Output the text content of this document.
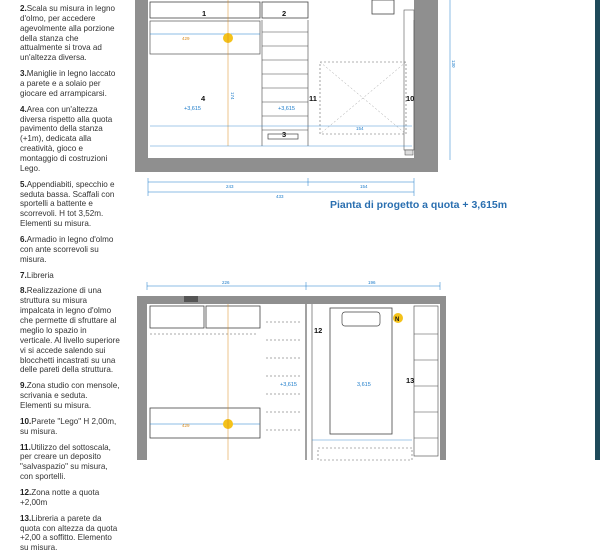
2.Scala su misura in legno d'olmo, per accedere agevolmente alla porzione della stanza che attualmente si trova ad un'altezza diversa.

3.Maniglie in legno laccato a parete e a solaio per giocare ed arrampicarsi.

4.Area con un'altezza diversa rispetto alla quota pavimento della stanza (+1m), dedicata alla creatività, gioco e montaggio di costruzioni Lego.

5.Appendiabiti, specchio e seduta bassa. Scaffali con sportelli a battente e scorrevoli. H tot 3,52m. Elementi su misura.

6.Armadio in legno d'olmo con ante scorrevoli su misura.

7.Libreria

8.Realizzazione di una struttura su misura impalcata in legno d'olmo che permette di sfruttare al meglio lo spazio in verticale. Al livello superiore vi si accede salendo sui blocchetti incastrati su una delle pareti della struttura.

9.Zona studio con mensole, scrivania e seduta. Elementi su misura.

10.Parete "Lego" H 2,00m, su misura.

11.Utilizzo del sottoscala, per creare un deposito "salvaspazio" su misura, con sportelli.

12.Zona notte a quota +2,00m

13.Libreria a parete da quota con altezza da quota +2,00 a soffitto. Elemento su misura.

1	2
3
4	10
11
429
174
154
243
433
154
130
+3,615	+3,615
226	196
N
429
12
13
+3,615	3,615
Pianta di progetto a quota + 3,615m
